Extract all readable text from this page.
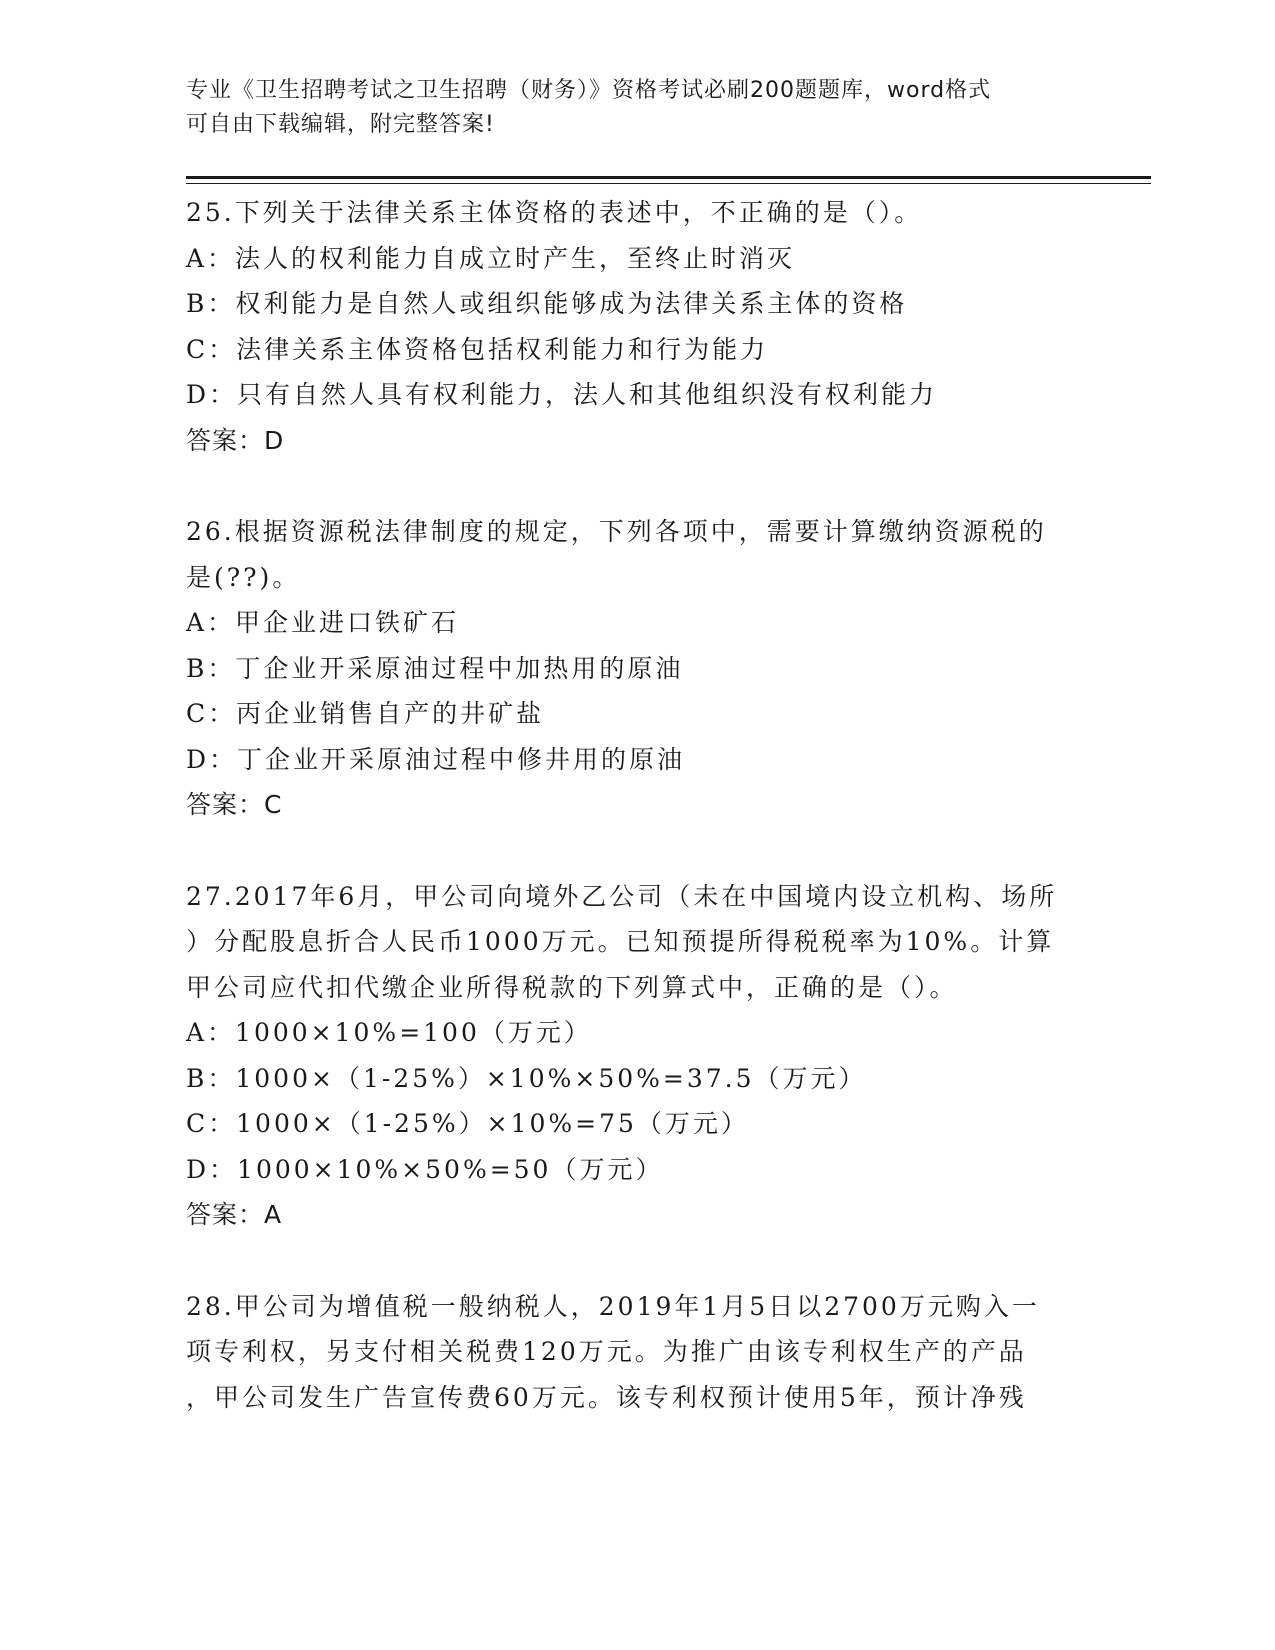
专业《卫生招聘考试之卫生招聘（财务）》资格考试必刷200题题库，word格式
可自由下载编辑，附完整答案!
25.下列关于法律关系主体资格的表述中，不正确的是（）。
A：法人的权利能力自成立时产生，至终止时消灭
B：权利能力是自然人或组织能够成为法律关系主体的资格
C：法律关系主体资格包括权利能力和行为能力
D：只有自然人具有权利能力，法人和其他组织没有权利能力
答案：D
26.根据资源税法律制度的规定，下列各项中，需要计算缴纳资源税的
是(??)。
A：甲企业进口铁矿石
B：丁企业开采原油过程中加热用的原油
C：丙企业销售自产的井矿盐
D：丁企业开采原油过程中修井用的原油
答案：C
27.2017年6月，甲公司向境外乙公司（未在中国境内设立机构、场所
）分配股息折合人民币1000万元。已知预提所得税税率为10%。计算
甲公司应代扣代缴企业所得税款的下列算式中，正确的是（）。
A：1000×10%=100（万元）
B：1000×（1-25%）×10%×50%=37.5（万元）
C：1000×（1-25%）×10%=75（万元）
D：1000×10%×50%=50（万元）
答案：A
28.甲公司为增值税一般纳税人，2019年1月5日以2700万元购入一
项专利权，另支付相关税费120万元。为推广由该专利权生产的产品
，甲公司发生广告宣传费60万元。该专利权预计使用5年，预计净残
